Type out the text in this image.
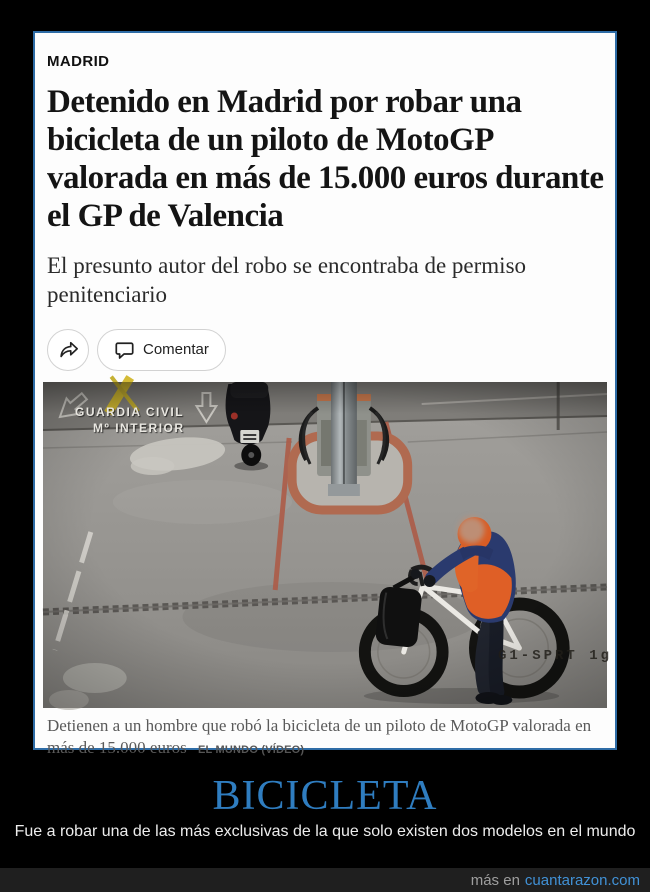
MADRID
Detenido en Madrid por robar una bicicleta de un piloto de MotoGP valorada en más de 15.000 euros durante el GP de Valencia
El presunto autor del robo se encontraba de permiso penitenciario
Comentar
GUARDIA CIVIL
Mº INTERIOR
G1-SPRT 1g
Detienen a un hombre que robó la bicicleta de un piloto de MotoGP valorada en más de 15.000 euros EL MUNDO (VÍDEO)
BICICLETA
Fue a robar una de las más exclusivas de la que solo existen dos modelos en el mundo
más en cuantarazon.com
